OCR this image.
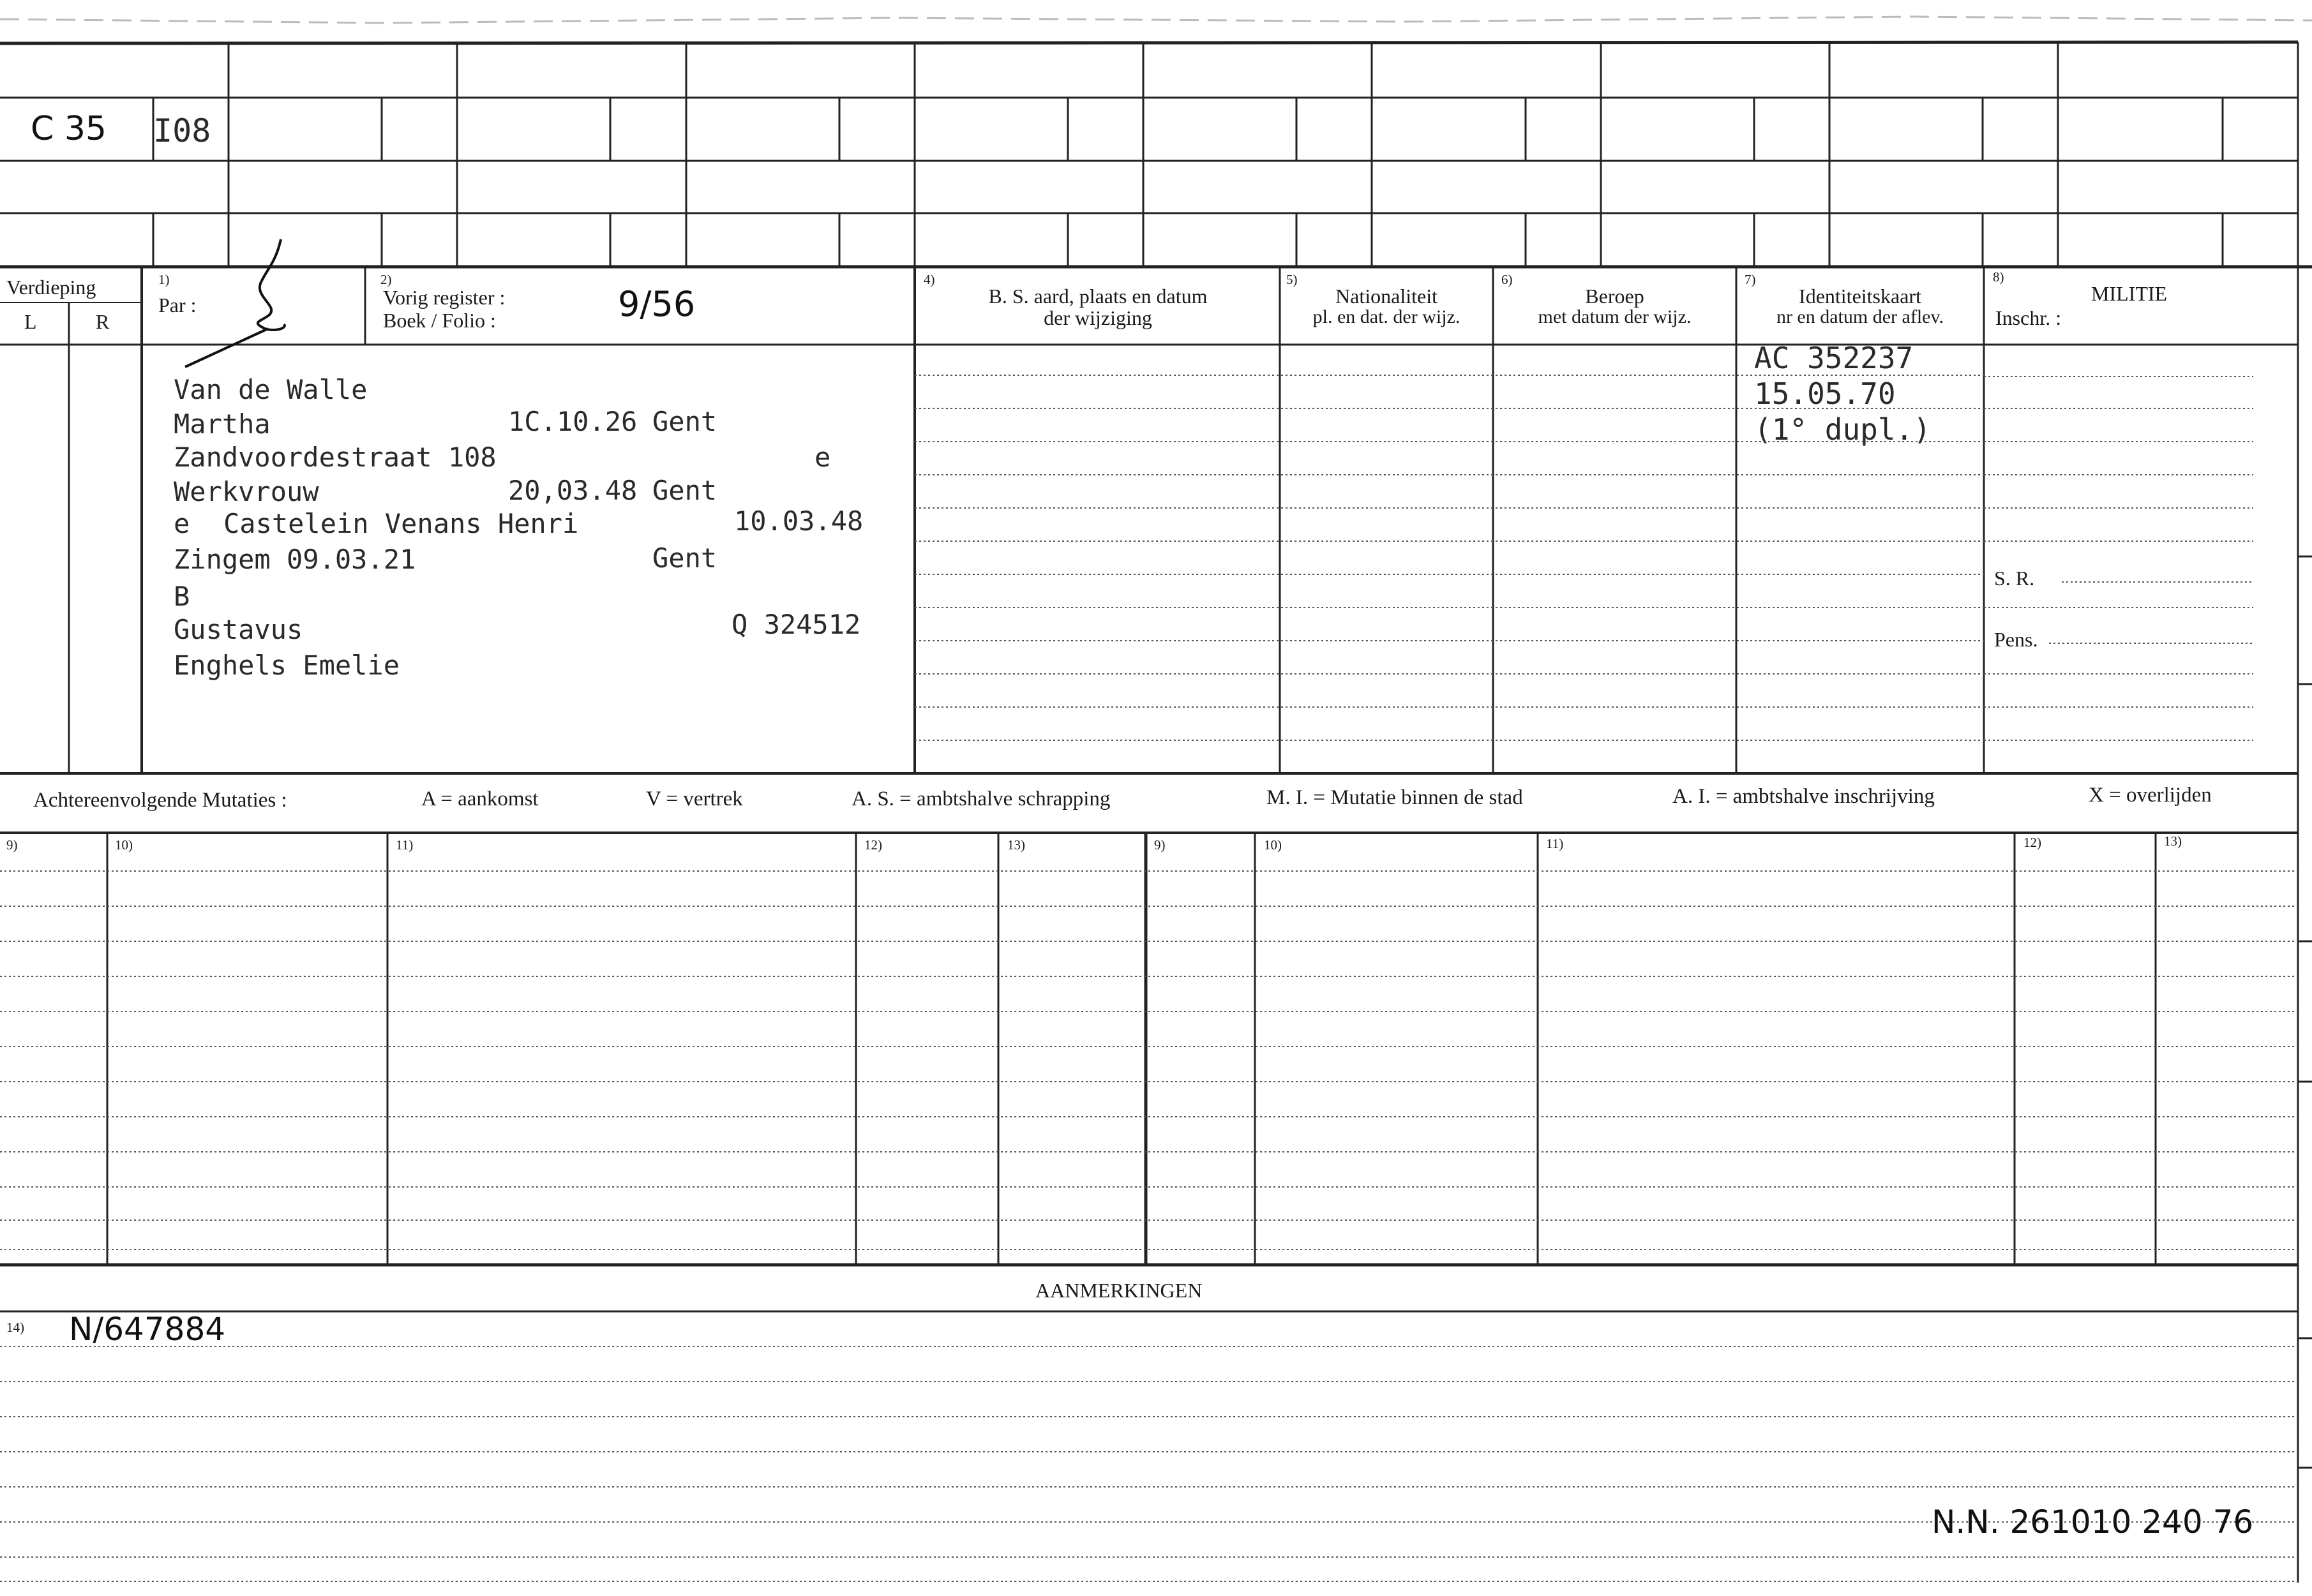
C 35 I08
Verdieping
L	R
1)
Par :
2)
Vorig register :
Boek / Folio :	9/56
4)
B. S. aard, plaats en datum
der wijziging
5)
Nationaliteit
pl. en dat. der wijz.
6)
Beroep
met datum der wijz.
7)
Identiteitskaart
nr en datum der aflev.
8)
MILITIE
Inschr. :
S. R.
Pens.
Van de Walle
Martha	1C.10.26 Gent
Zandvoordestraat 108	e
Werkvrouw	20,03.48 Gent
e Castelein Venans Henri	10.03.48
Zingem 09.03.21	Gent
B
Gustavus	Q 324512
Enghels Emelie
AC 352237
15.05.70
(1° dupl.)
Achtereenvolgende Mutaties :	A = aankomst	V = vertrek	A. S. = ambtshalve schrapping	M. I. = Mutatie binnen de stad	A. I. = ambtshalve inschrijving	X = overlijden
9)	10)	11)	12)	13)	9)	10)	11)	12)	13)
AANMERKINGEN
14) N/647884
N.N. 261010 240 76
